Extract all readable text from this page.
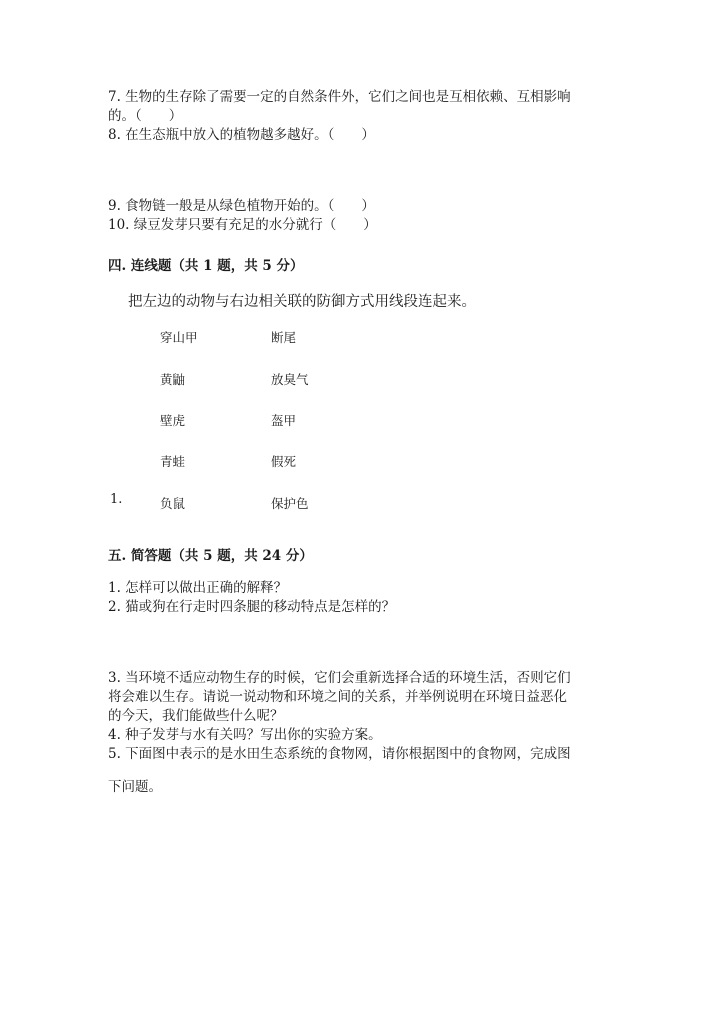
7. 生物的生存除了需要一定的自然条件外，它们之间也是互相依赖、互相影响
的。（　　）
8. 在生态瓶中放入的植物越多越好。（　　）
9. 食物链一般是从绿色植物开始的。（　　）
10. 绿豆发芽只要有充足的水分就行（　　）
四. 连线题（共 1 题，共 5 分）
把左边的动物与右边相关联的防御方式用线段连起来。
穿山甲	断尾
黄鼬	放臭气
壁虎	盔甲
青蛙	假死
1.	负鼠	保护色
五. 简答题（共 5 题，共 24 分）
1. 怎样可以做出正确的解释？
2. 猫或狗在行走时四条腿的移动特点是怎样的？
3. 当环境不适应动物生存的时候，它们会重新选择合适的环境生活，否则它们
将会难以生存。请说一说动物和环境之间的关系，并举例说明在环境日益恶化
的今天，我们能做些什么呢？
4. 种子发芽与水有关吗？写出你的实验方案。
5. 下面图中表示的是水田生态系统的食物网，请你根据图中的食物网，完成图
下问题。
